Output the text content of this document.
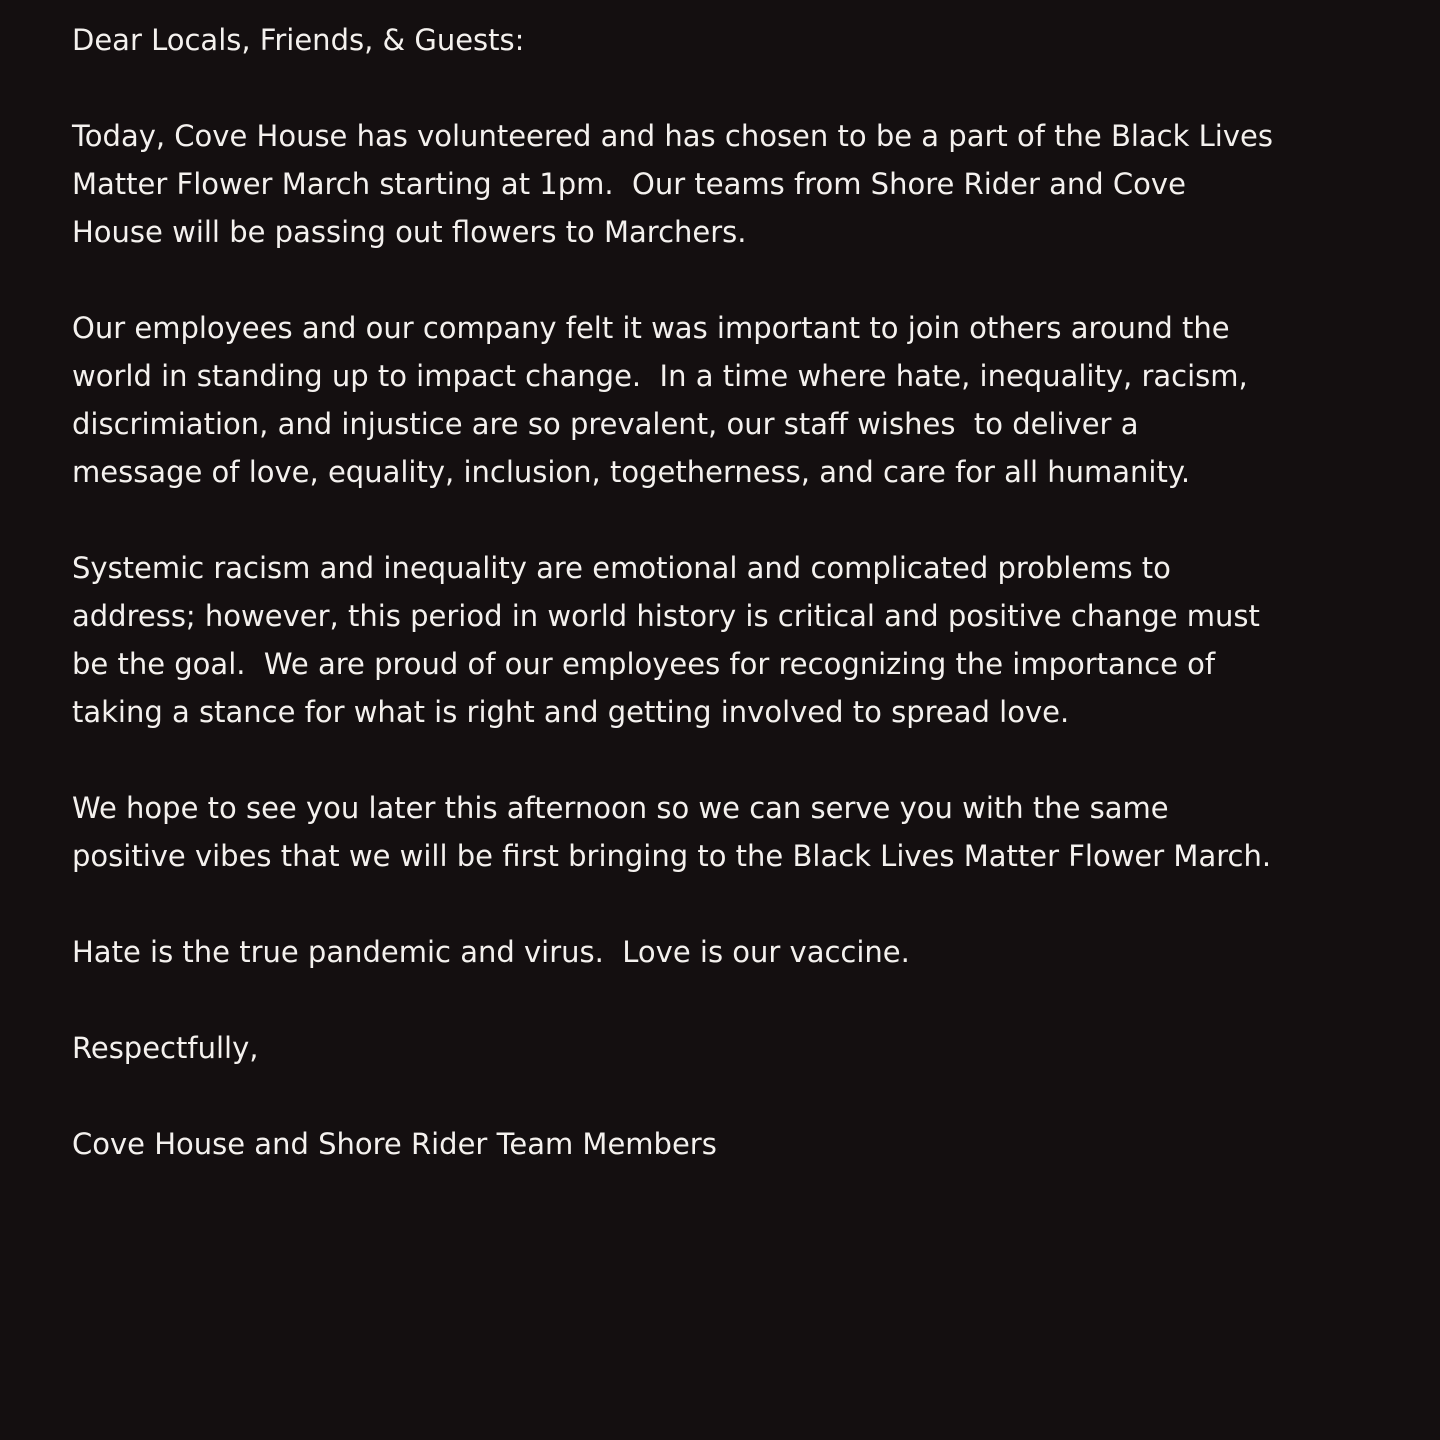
Dear Locals, Friends, & Guests:
Today, Cove House has volunteered and has chosen to be a part of the Black Lives
Matter Flower March starting at 1pm.  Our teams from Shore Rider and Cove
House will be passing out flowers to Marchers.
Our employees and our company felt it was important to join others around the
world in standing up to impact change.  In a time where hate, inequality, racism,
discrimiation, and injustice are so prevalent, our staff wishes  to deliver a
message of love, equality, inclusion, togetherness, and care for all humanity.
Systemic racism and inequality are emotional and complicated problems to
address; however, this period in world history is critical and positive change must
be the goal.  We are proud of our employees for recognizing the importance of
taking a stance for what is right and getting involved to spread love.
We hope to see you later this afternoon so we can serve you with the same
positive vibes that we will be first bringing to the Black Lives Matter Flower March.
Hate is the true pandemic and virus.  Love is our vaccine.
Respectfully,
Cove House and Shore Rider Team Members
